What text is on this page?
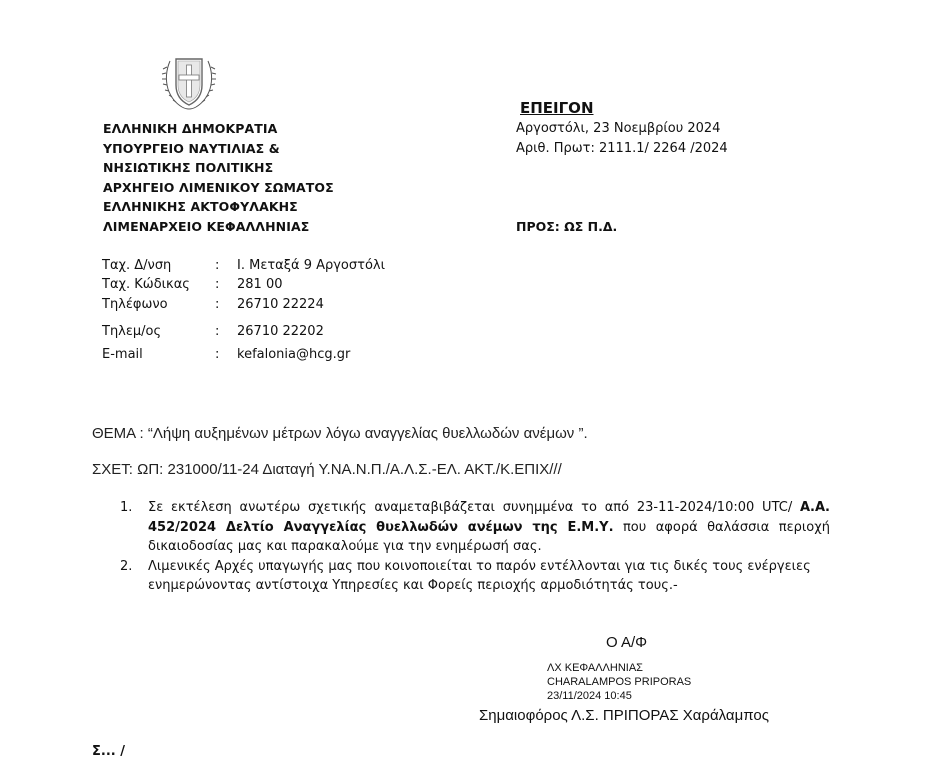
ΕΛΛΗΝΙΚΗ ΔΗΜΟΚΡΑΤΙΑ
ΥΠΟΥΡΓΕΙΟ ΝΑΥΤΙΛΙΑΣ &
ΝΗΣΙΩΤΙΚΗΣ ΠΟΛΙΤΙΚΗΣ
ΑΡΧΗΓΕΙΟ ΛΙΜΕΝΙΚΟΥ ΣΩΜΑΤΟΣ
ΕΛΛΗΝΙΚΗΣ ΑΚΤΟΦΥΛΑΚΗΣ
ΛΙΜΕΝΑΡΧΕΙΟ ΚΕΦΑΛΛΗΝΙΑΣ
ΕΠΕΙΓΟΝ
Αργοστόλι, 23 Νοεμβρίου 2024
Αριθ. Πρωτ: 2111.1/ 2264 /2024
ΠΡΟΣ: ΩΣ Π.Δ.
Ταχ. Δ/νση	: Ι. Μεταξά 9 Αργοστόλι
Ταχ. Κώδικας : 281 00
Τηλέφωνο	: 26710 22224
Τηλεμ/ος	: 26710 22202
E-mail	: kefalonia@hcg.gr
ΘΕΜΑ : “Λήψη αυξημένων μέτρων λόγω αναγγελίας θυελλωδών ανέμων ”.
ΣΧΕΤ: ΩΠ: 231000/11-24 Διαταγή Υ.ΝΑ.Ν.Π./Α.Λ.Σ.-ΕΛ. ΑΚΤ./Κ.ΕΠΙΧ///
1.	Σε εκτέλεση ανωτέρω σχετικής αναμεταβιβάζεται συνημμένα το από 23-11-2024/10:00 UTC/ Α.Α. 452/2024 Δελτίο Αναγγελίας θυελλωδών ανέμων της Ε.Μ.Υ. που αφορά θαλάσσια περιοχή δικαιοδοσίας μας και παρακαλούμε για την ενημέρωσή σας.
2.	Λιμενικές Αρχές υπαγωγής μας που κοινοποιείται το παρόν εντέλλονται για τις δικές τους ενέργειες ενημερώνοντας αντίστοιχα Υπηρεσίες και Φορείς περιοχής αρμοδιότητάς τους.-
Ο Α/Φ
ΛΧ ΚΕΦΑΛΛΗΝΙΑΣ
CHARALAMPOS PRIPORAS
23/11/2024 10:45
Σημαιοφόρος Λ.Σ. ΠΡΙΠΟΡΑΣ Χαράλαμπος
Σ... /
